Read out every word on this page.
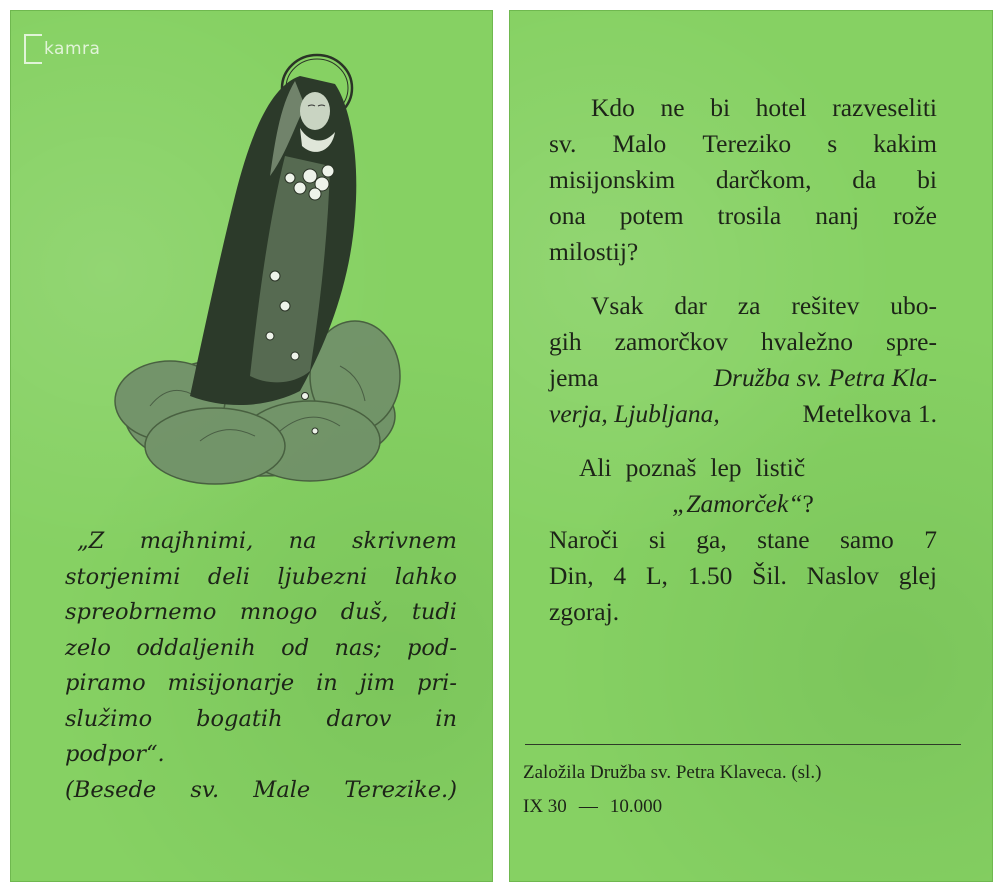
kamra
„Z majhnimi, na skrivnem
storjenimi deli ljubezni lahko
spreobrnemo mnogo duš, tudi
zelo oddaljenih od nas; pod-
piramo misijonarje in jim pri-
služimo bogatih darov in
podpor“.
(Besede sv. Male Terezike.)
Kdo ne bi hotel razveseliti
sv. Malo Tereziko s kakim
misijonskim darčkom, da bi
ona potem trosila nanj rože
milostij?
Vsak dar za rešitev ubo-
gih zamorčkov hvaležno spre-
jema	Družba sv. Petra Kla-
verja, Ljubljana,	Metelkova 1.
Ali poznaš lep listič
„Zamorček“?
Naroči si ga, stane samo 7
Din, 4 L, 1.50 Šil. Naslov glej
zgoraj.
Založila Družba sv. Petra Klaveca. (sl.)
IX 30 — 10.000
